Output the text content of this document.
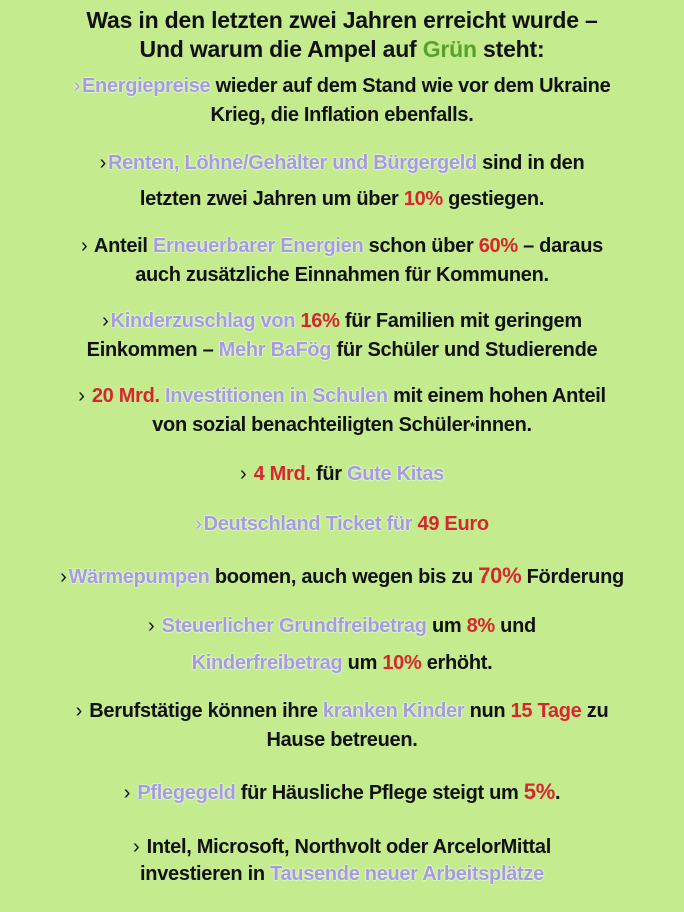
Was in den letzten zwei Jahren erreicht wurde –
Und warum die Ampel auf Grün steht:
› Energiepreise wieder auf dem Stand wie vor dem Ukraine
Krieg, die Inflation ebenfalls.
› Renten, Löhne/Gehälter und Bürgergeld sind in den
letzten zwei Jahren um über 10% gestiegen.
› Anteil Erneuerbarer Energien schon über 60% – daraus
auch zusätzliche Einnahmen für Kommunen.
› Kinderzuschlag von 16% für Familien mit geringem
Einkommen – Mehr BaFög für Schüler und Studierende
› 20 Mrd. Investitionen in Schulen mit einem hohen Anteil
von sozial benachteiligten Schüler*innen.
› 4 Mrd. für Gute Kitas
› Deutschland Ticket für 49 Euro
› Wärmepumpen boomen, auch wegen bis zu 70% Förderung
› Steuerlicher Grundfreibetrag um 8% und
Kinderfreibetrag um 10% erhöht.
› Berufstätige können ihre kranken Kinder nun 15 Tage zu
Hause betreuen.
› Pflegegeld für Häusliche Pflege steigt um 5%.
› Intel, Microsoft, Northvolt oder ArcelorMittal
investieren in Tausende neuer Arbeitsplätze
